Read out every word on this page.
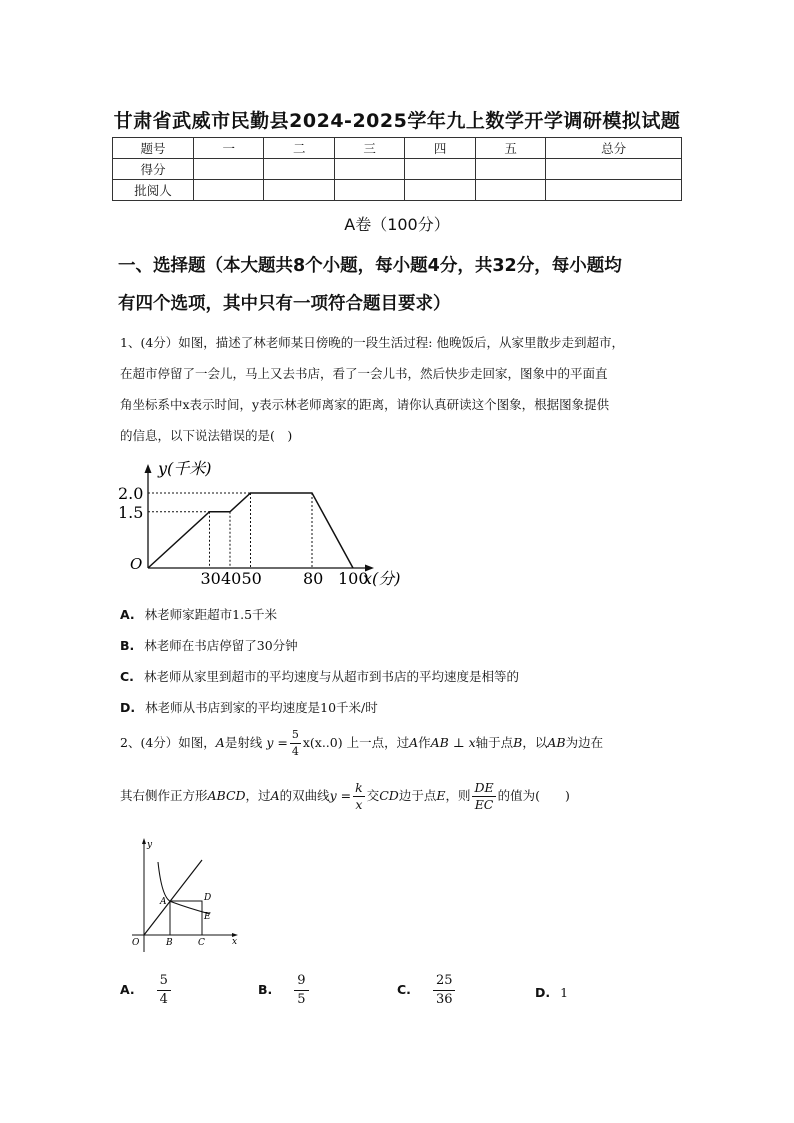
甘肃省武威市民勤县2024-2025学年九上数学开学调研模拟试题
题号	一	二	三	四	五	总分
得分						
批阅人						
A卷（100分）
一、选择题（本大题共8个小题，每小题4分，共32分，每小题均
有四个选项，其中只有一项符合题目要求）
1、(4分）如图，描述了林老师某日傍晚的一段生活过程: 他晚饭后，从家里散步走到超市，
在超市停留了一会儿，马上又去书店，看了一会儿书，然后快步走回家，图象中的平面直
角坐标系中x表示时间，y表示林老师离家的距离，请你认真研读这个图象，根据图象提供
的信息，以下说法错误的是(　)
y(千米)
x(分)
O
30 40 50	80 100
2.0
1.5
A. 林老师家距超市1.5千米
B. 林老师在书店停留了30分钟
C. 林老师从家里到超市的平均速度与从超市到书店的平均速度是相等的
D. 林老师从书店到家的平均速度是10千米/时
2、(4分）如图，A是射线 $y = \frac{5}{4} x(x..0)$ 上一点，过A作AB ⊥ x轴于点B，以AB为边在
其右侧作正方形ABCD，过A的双曲线$y = \frac{k}{x}$ 交CD边于点E，则 $\frac{DE}{EC}$ 的值为(　　)
y
x
O
A
B	C
D
E
A. $\frac{5}{4}$	B. $\frac{9}{5}$	C. $\frac{25}{36}$	D. 1
